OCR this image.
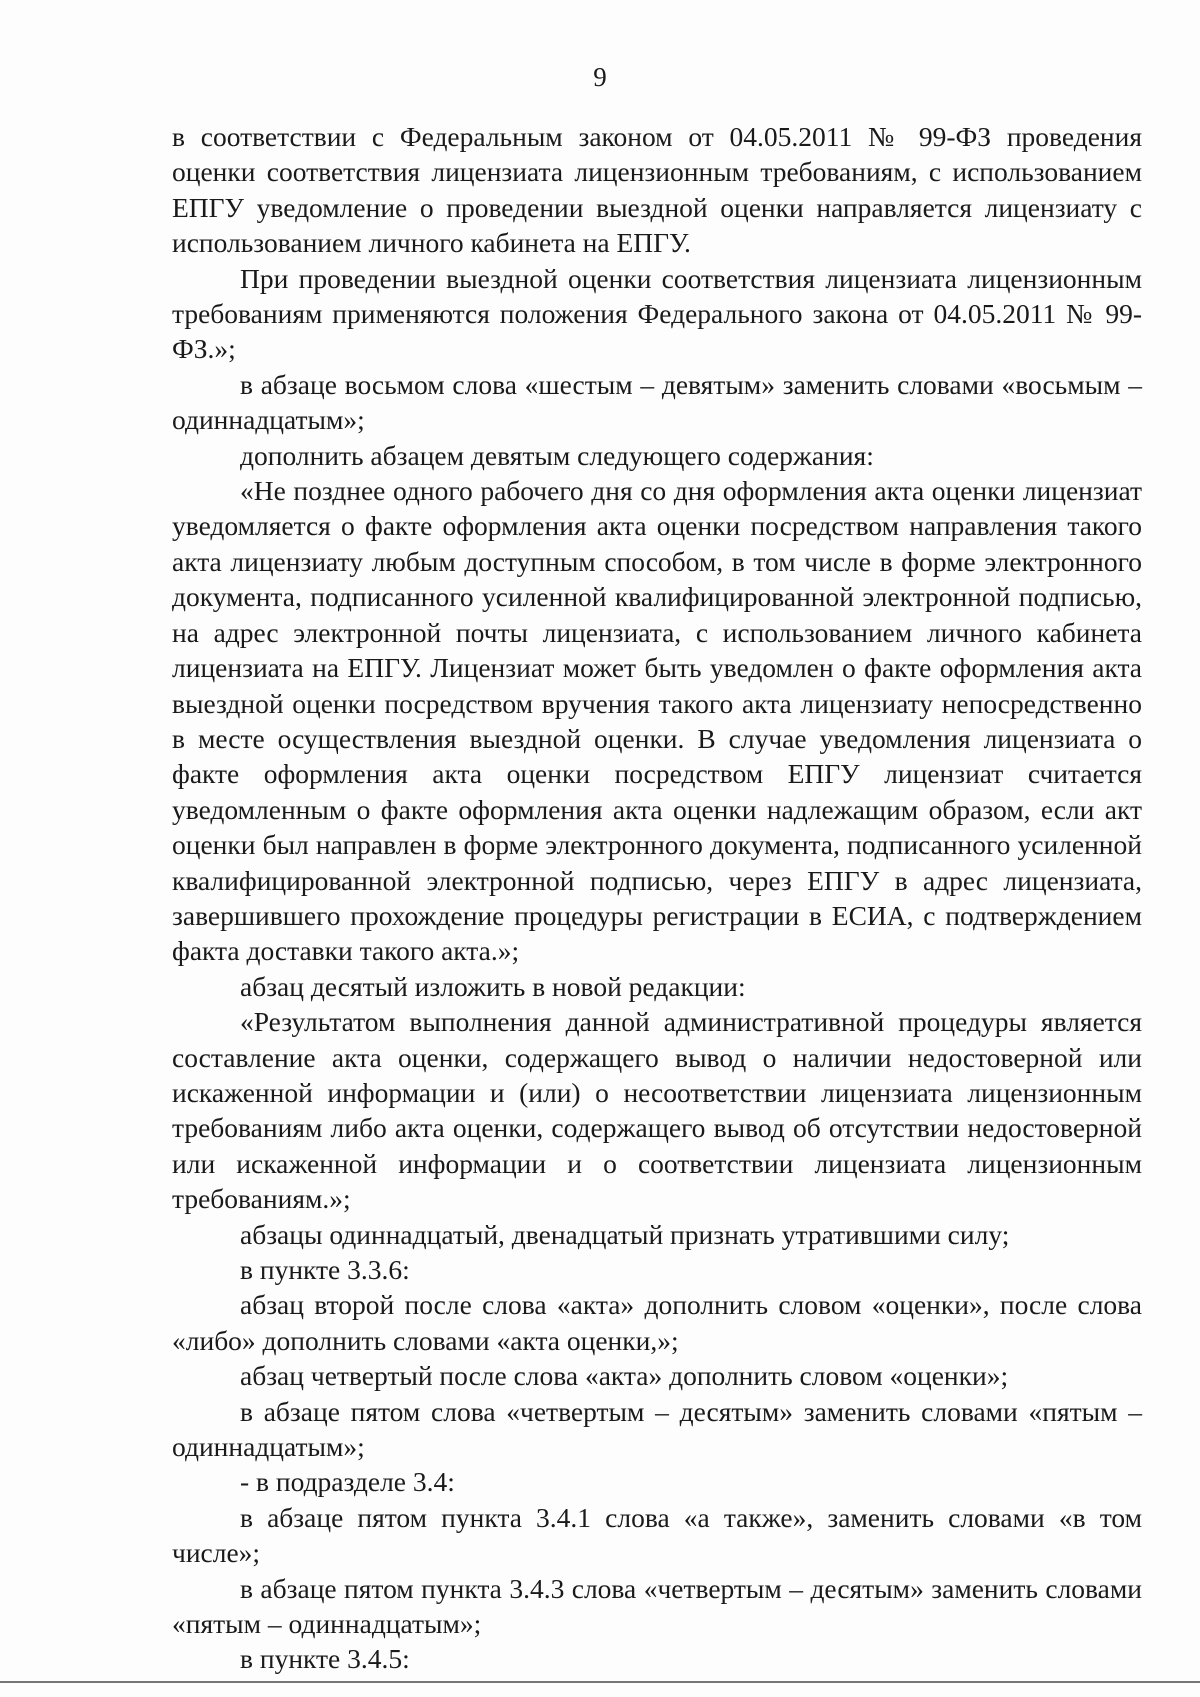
9

в соответствии с Федеральным законом от 04.05.2011 № 99-ФЗ проведения оценки соответствия лицензиата лицензионным требованиям, с использованием ЕПГУ уведомление о проведении выездной оценки направляется лицензиату с использованием личного кабинета на ЕПГУ.

При проведении выездной оценки соответствия лицензиата лицензионным требованиям применяются положения Федерального закона от 04.05.2011 № 99-ФЗ.»;

в абзаце восьмом слова «шестым – девятым» заменить словами «восьмым – одиннадцатым»;

дополнить абзацем девятым следующего содержания:

«Не позднее одного рабочего дня со дня оформления акта оценки лицензиат уведомляется о факте оформления акта оценки посредством направления такого акта лицензиату любым доступным способом, в том числе в форме электронного документа, подписанного усиленной квалифицированной электронной подписью, на адрес электронной почты лицензиата, с использованием личного кабинета лицензиата на ЕПГУ. Лицензиат может быть уведомлен о факте оформления акта выездной оценки посредством вручения такого акта лицензиату непосредственно в месте осуществления выездной оценки. В случае уведомления лицензиата о факте оформления акта оценки посредством ЕПГУ лицензиат считается уведомленным о факте оформления акта оценки надлежащим образом, если акт оценки был направлен в форме электронного документа, подписанного усиленной квалифицированной электронной подписью, через ЕПГУ в адрес лицензиата, завершившего прохождение процедуры регистрации в ЕСИА, с подтверждением факта доставки такого акта.»;

абзац десятый изложить в новой редакции:

«Результатом выполнения данной административной процедуры является составление акта оценки, содержащего вывод о наличии недостоверной или искаженной информации и (или) о несоответствии лицензиата лицензионным требованиям либо акта оценки, содержащего вывод об отсутствии недостоверной или искаженной информации и о соответствии лицензиата лицензионным требованиям.»;

абзацы одиннадцатый, двенадцатый признать утратившими силу;

в пункте 3.3.6:

абзац второй после слова «акта» дополнить словом «оценки», после слова «либо» дополнить словами «акта оценки,»;

абзац четвертый после слова «акта» дополнить словом «оценки»;

в абзаце пятом слова «четвертым – десятым» заменить словами «пятым – одиннадцатым»;

- в подразделе 3.4:

в абзаце пятом пункта 3.4.1 слова «а также», заменить словами «в том числе»;

в абзаце пятом пункта 3.4.3 слова «четвертым – десятым» заменить словами «пятым – одиннадцатым»;

в пункте 3.4.5:
